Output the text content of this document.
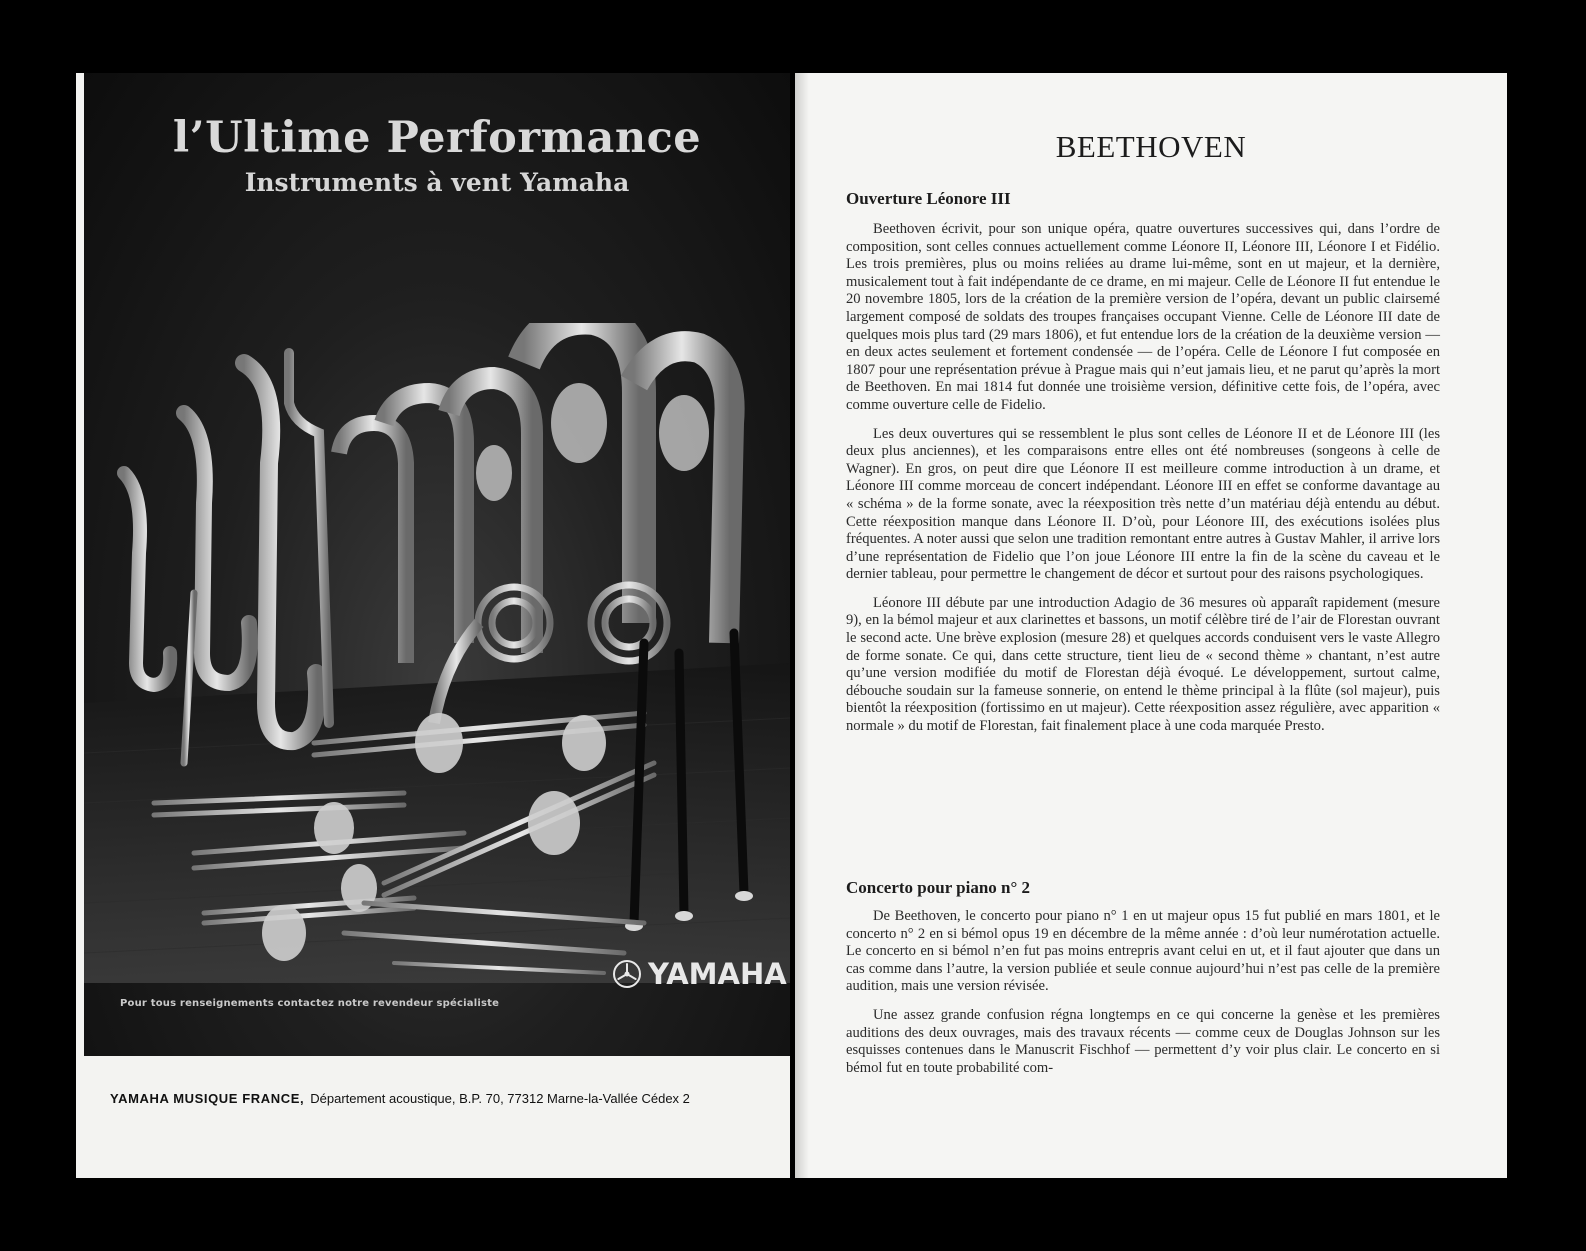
l’Ultime Performance
Instruments à vent Yamaha
Pour tous renseignements contactez notre revendeur spécialiste
YAMAHA
YAMAHA MUSIQUE FRANCE, Département acoustique, B.P. 70, 77312 Marne-la-Vallée Cédex 2
BEETHOVEN
Ouverture Léonore III

Beethoven écrivit, pour son unique opéra, quatre ouvertures successives qui, dans l’ordre de composition, sont celles connues actuellement comme Léonore II, Léonore III, Léonore I et Fidélio. Les trois premières, plus ou moins reliées au drame lui-même, sont en ut majeur, et la dernière, musicalement tout à fait indépendante de ce drame, en mi majeur. Celle de Léonore II fut entendue le 20 novembre 1805, lors de la création de la première version de l’opéra, devant un public clairsemé largement composé de soldats des troupes françaises occupant Vienne. Celle de Léonore III date de quelques mois plus tard (29 mars 1806), et fut entendue lors de la création de la deuxième version — en deux actes seulement et fortement condensée — de l’opéra. Celle de Léonore I fut composée en 1807 pour une représentation prévue à Prague mais qui n’eut jamais lieu, et ne parut qu’après la mort de Beethoven. En mai 1814 fut donnée une troisième version, définitive cette fois, de l’opéra, avec comme ouverture celle de Fidelio.

Les deux ouvertures qui se ressemblent le plus sont celles de Léonore II et de Léonore III (les deux plus anciennes), et les comparaisons entre elles ont été nombreuses (songeons à celle de Wagner). En gros, on peut dire que Léonore II est meilleure comme introduction à un drame, et Léonore III comme morceau de concert indépendant. Léonore III en effet se conforme davantage au « schéma » de la forme sonate, avec la réexposition très nette d’un matériau déjà entendu au début. Cette réexposition manque dans Léonore II. D’où, pour Léonore III, des exécutions isolées plus fréquentes. A noter aussi que selon une tradition remontant entre autres à Gustav Mahler, il arrive lors d’une représentation de Fidelio que l’on joue Léonore III entre la fin de la scène du caveau et le dernier tableau, pour permettre le changement de décor et surtout pour des raisons psychologiques.

Léonore III débute par une introduction Adagio de 36 mesures où apparaît rapidement (mesure 9), en la bémol majeur et aux clarinettes et bassons, un motif célèbre tiré de l’air de Florestan ouvrant le second acte. Une brève explosion (mesure 28) et quelques accords conduisent vers le vaste Allegro de forme sonate. Ce qui, dans cette structure, tient lieu de « second thème » chantant, n’est autre qu’une version modifiée du motif de Florestan déjà évoqué. Le développement, surtout calme, débouche soudain sur la fameuse sonnerie, on entend le thème principal à la flûte (sol majeur), puis bientôt la réexposition (fortissimo en ut majeur). Cette réexposition assez régulière, avec apparition « normale » du motif de Florestan, fait finalement place à une coda marquée Presto.

Concerto pour piano n° 2

De Beethoven, le concerto pour piano n° 1 en ut majeur opus 15 fut publié en mars 1801, et le concerto n° 2 en si bémol opus 19 en décembre de la même année : d’où leur numérotation actuelle. Le concerto en si bémol n’en fut pas moins entrepris avant celui en ut, et il faut ajouter que dans un cas comme dans l’autre, la version publiée et seule connue aujourd’hui n’est pas celle de la première audition, mais une version révisée.

Une assez grande confusion régna longtemps en ce qui concerne la genèse et les premières auditions des deux ouvrages, mais des travaux récents — comme ceux de Douglas Johnson sur les esquisses contenues dans le Manuscrit Fischhof — permettent d’y voir plus clair. Le concerto en si bémol fut en toute probabilité com-
